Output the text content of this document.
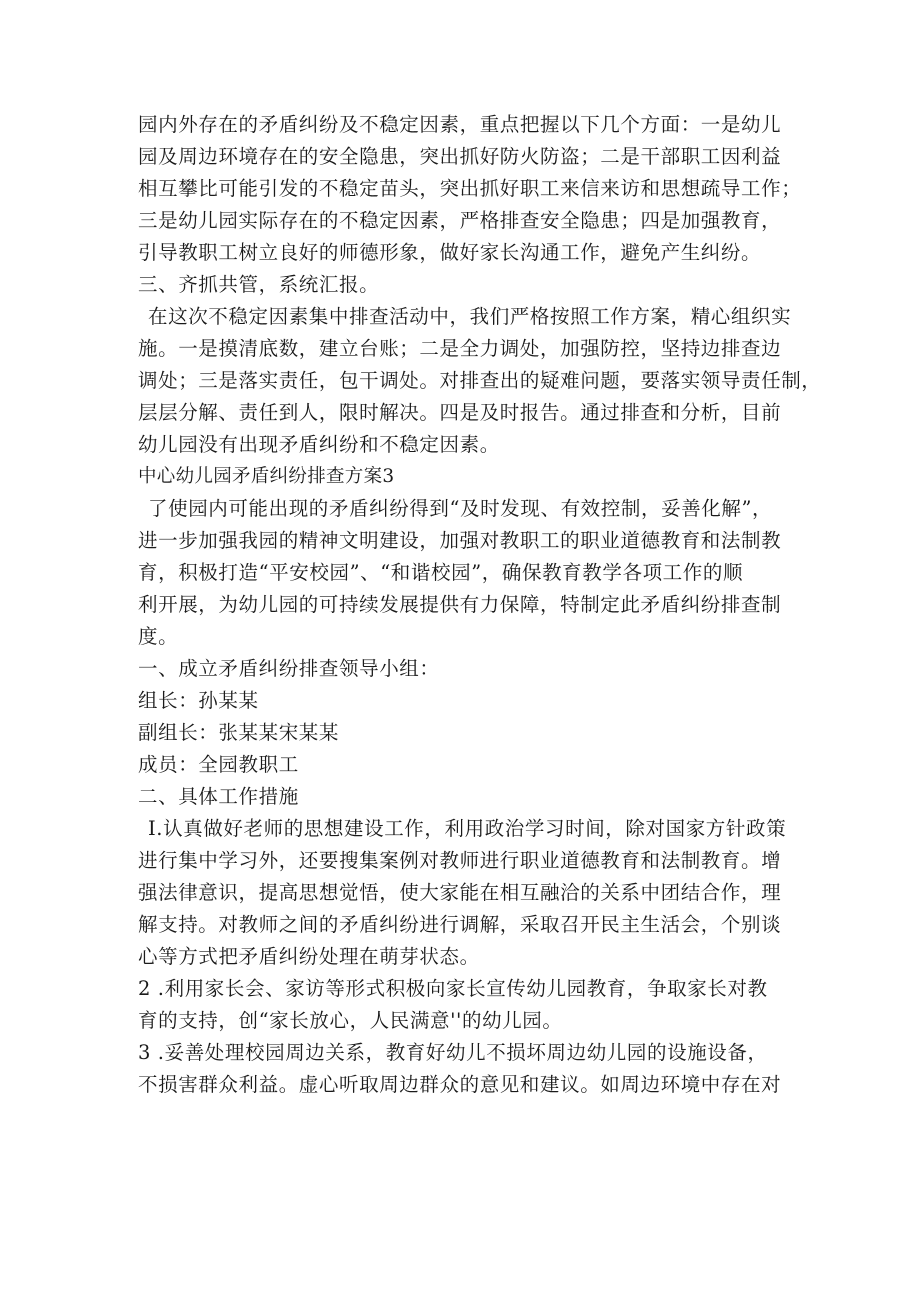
园内外存在的矛盾纠纷及不稳定因素，重点把握以下几个方面：一是幼儿
园及周边环境存在的安全隐患，突出抓好防火防盗；二是干部职工因利益
相互攀比可能引发的不稳定苗头，突出抓好职工来信来访和思想疏导工作；
三是幼儿园实际存在的不稳定因素，严格排查安全隐患；四是加强教育，
引导教职工树立良好的师德形象，做好家长沟通工作，避免产生纠纷。
三、齐抓共管，系统汇报。
在这次不稳定因素集中排查活动中，我们严格按照工作方案，精心组织实
施。一是摸清底数，建立台账；二是全力调处，加强防控，坚持边排查边
调处；三是落实责任，包干调处。对排查出的疑难问题，要落实领导责任制，
层层分解、责任到人，限时解决。四是及时报告。通过排查和分析，目前
幼儿园没有出现矛盾纠纷和不稳定因素。
中心幼儿园矛盾纠纷排查方案3
了使园内可能出现的矛盾纠纷得到“及时发现、有效控制，妥善化解”，
进一步加强我园的精神文明建设，加强对教职工的职业道德教育和法制教
育，积极打造“平安校园”、“和谐校园”，确保教育教学各项工作的顺
利开展，为幼儿园的可持续发展提供有力保障，特制定此矛盾纠纷排查制
度。
一、成立矛盾纠纷排查领导小组：
组长：孙某某
副组长：张某某宋某某
成员：全园教职工
二、具体工作措施
I.认真做好老师的思想建设工作，利用政治学习时间，除对国家方针政策
进行集中学习外，还要搜集案例对教师进行职业道德教育和法制教育。增
强法律意识，提高思想觉悟，使大家能在相互融洽的关系中团结合作，理
解支持。对教师之间的矛盾纠纷进行调解，采取召开民主生活会，个别谈
心等方式把矛盾纠纷处理在萌芽状态。
2 .利用家长会、家访等形式积极向家长宣传幼儿园教育，争取家长对教
育的支持，创“家长放心，人民满意''的幼儿园。
3 .妥善处理校园周边关系，教育好幼儿不损坏周边幼儿园的设施设备，
不损害群众利益。虚心听取周边群众的意见和建议。如周边环境中存在对
